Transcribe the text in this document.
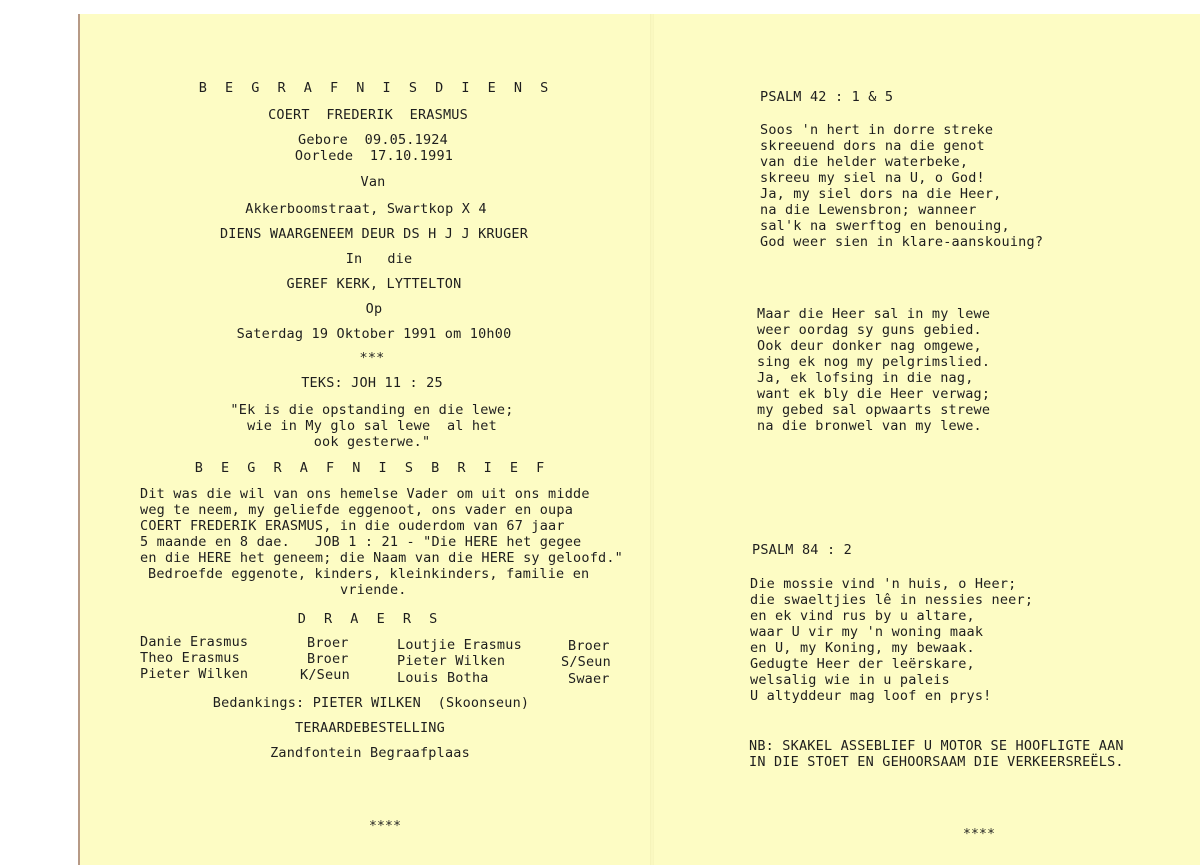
B E G R A F N I S D I E N S
COERT  FREDERIK  ERASMUS
Gebore  09.05.1924
Oorlede  17.10.1991
Van
Akkerboomstraat, Swartkop X 4
DIENS WAARGENEEM DEUR DS H J J KRUGER
In   die
GEREF KERK, LYTTELTON
Op
Saterdag 19 Oktober 1991 om 10h00
***
TEKS: JOH 11 : 25
"Ek is die opstanding en die lewe;
wie in My glo sal lewe  al het
ook gesterwe."
B E G R A F N I S B R I E F
Dit was die wil van ons hemelse Vader om uit ons midde
weg te neem, my geliefde eggenoot, ons vader en oupa
COERT FREDERIK ERASMUS, in die ouderdom van 67 jaar
5 maande en 8 dae.   JOB 1 : 21 - "Die HERE het gegee
en die HERE het geneem; die Naam van die HERE sy geloofd."
Bedroefde eggenote, kinders, kleinkinders, familie en
vriende.
D R A E R S
Danie Erasmus	Broer
Theo Erasmus	Broer
Pieter Wilken	K/Seun
Loutjie Erasmus	Broer
Pieter Wilken	S/Seun
Louis Botha	Swaer
Bedankings: PIETER WILKEN  (Skoonseun)
TERAARDEBESTELLING
Zandfontein Begraafplaas
****
PSALM 42 : 1 & 5
Soos 'n hert in dorre streke
skreeuend dors na die genot
van die helder waterbeke,
skreeu my siel na U, o God!
Ja, my siel dors na die Heer,
na die Lewensbron; wanneer
sal'k na swerftog en benouing,
God weer sien in klare-aanskouing?
Maar die Heer sal in my lewe
weer oordag sy guns gebied.
Ook deur donker nag omgewe,
sing ek nog my pelgrimslied.
Ja, ek lofsing in die nag,
want ek bly die Heer verwag;
my gebed sal opwaarts strewe
na die bronwel van my lewe.
PSALM 84 : 2
Die mossie vind 'n huis, o Heer;
die swaeltjies lê in nessies neer;
en ek vind rus by u altare,
waar U vir my 'n woning maak
en U, my Koning, my bewaak.
Gedugte Heer der leërskare,
welsalig wie in u paleis
U altyddeur mag loof en prys!
NB: SKAKEL ASSEBLIEF U MOTOR SE HOOFLIGTE AAN
IN DIE STOET EN GEHOORSAAM DIE VERKEERSREËLS.
****
